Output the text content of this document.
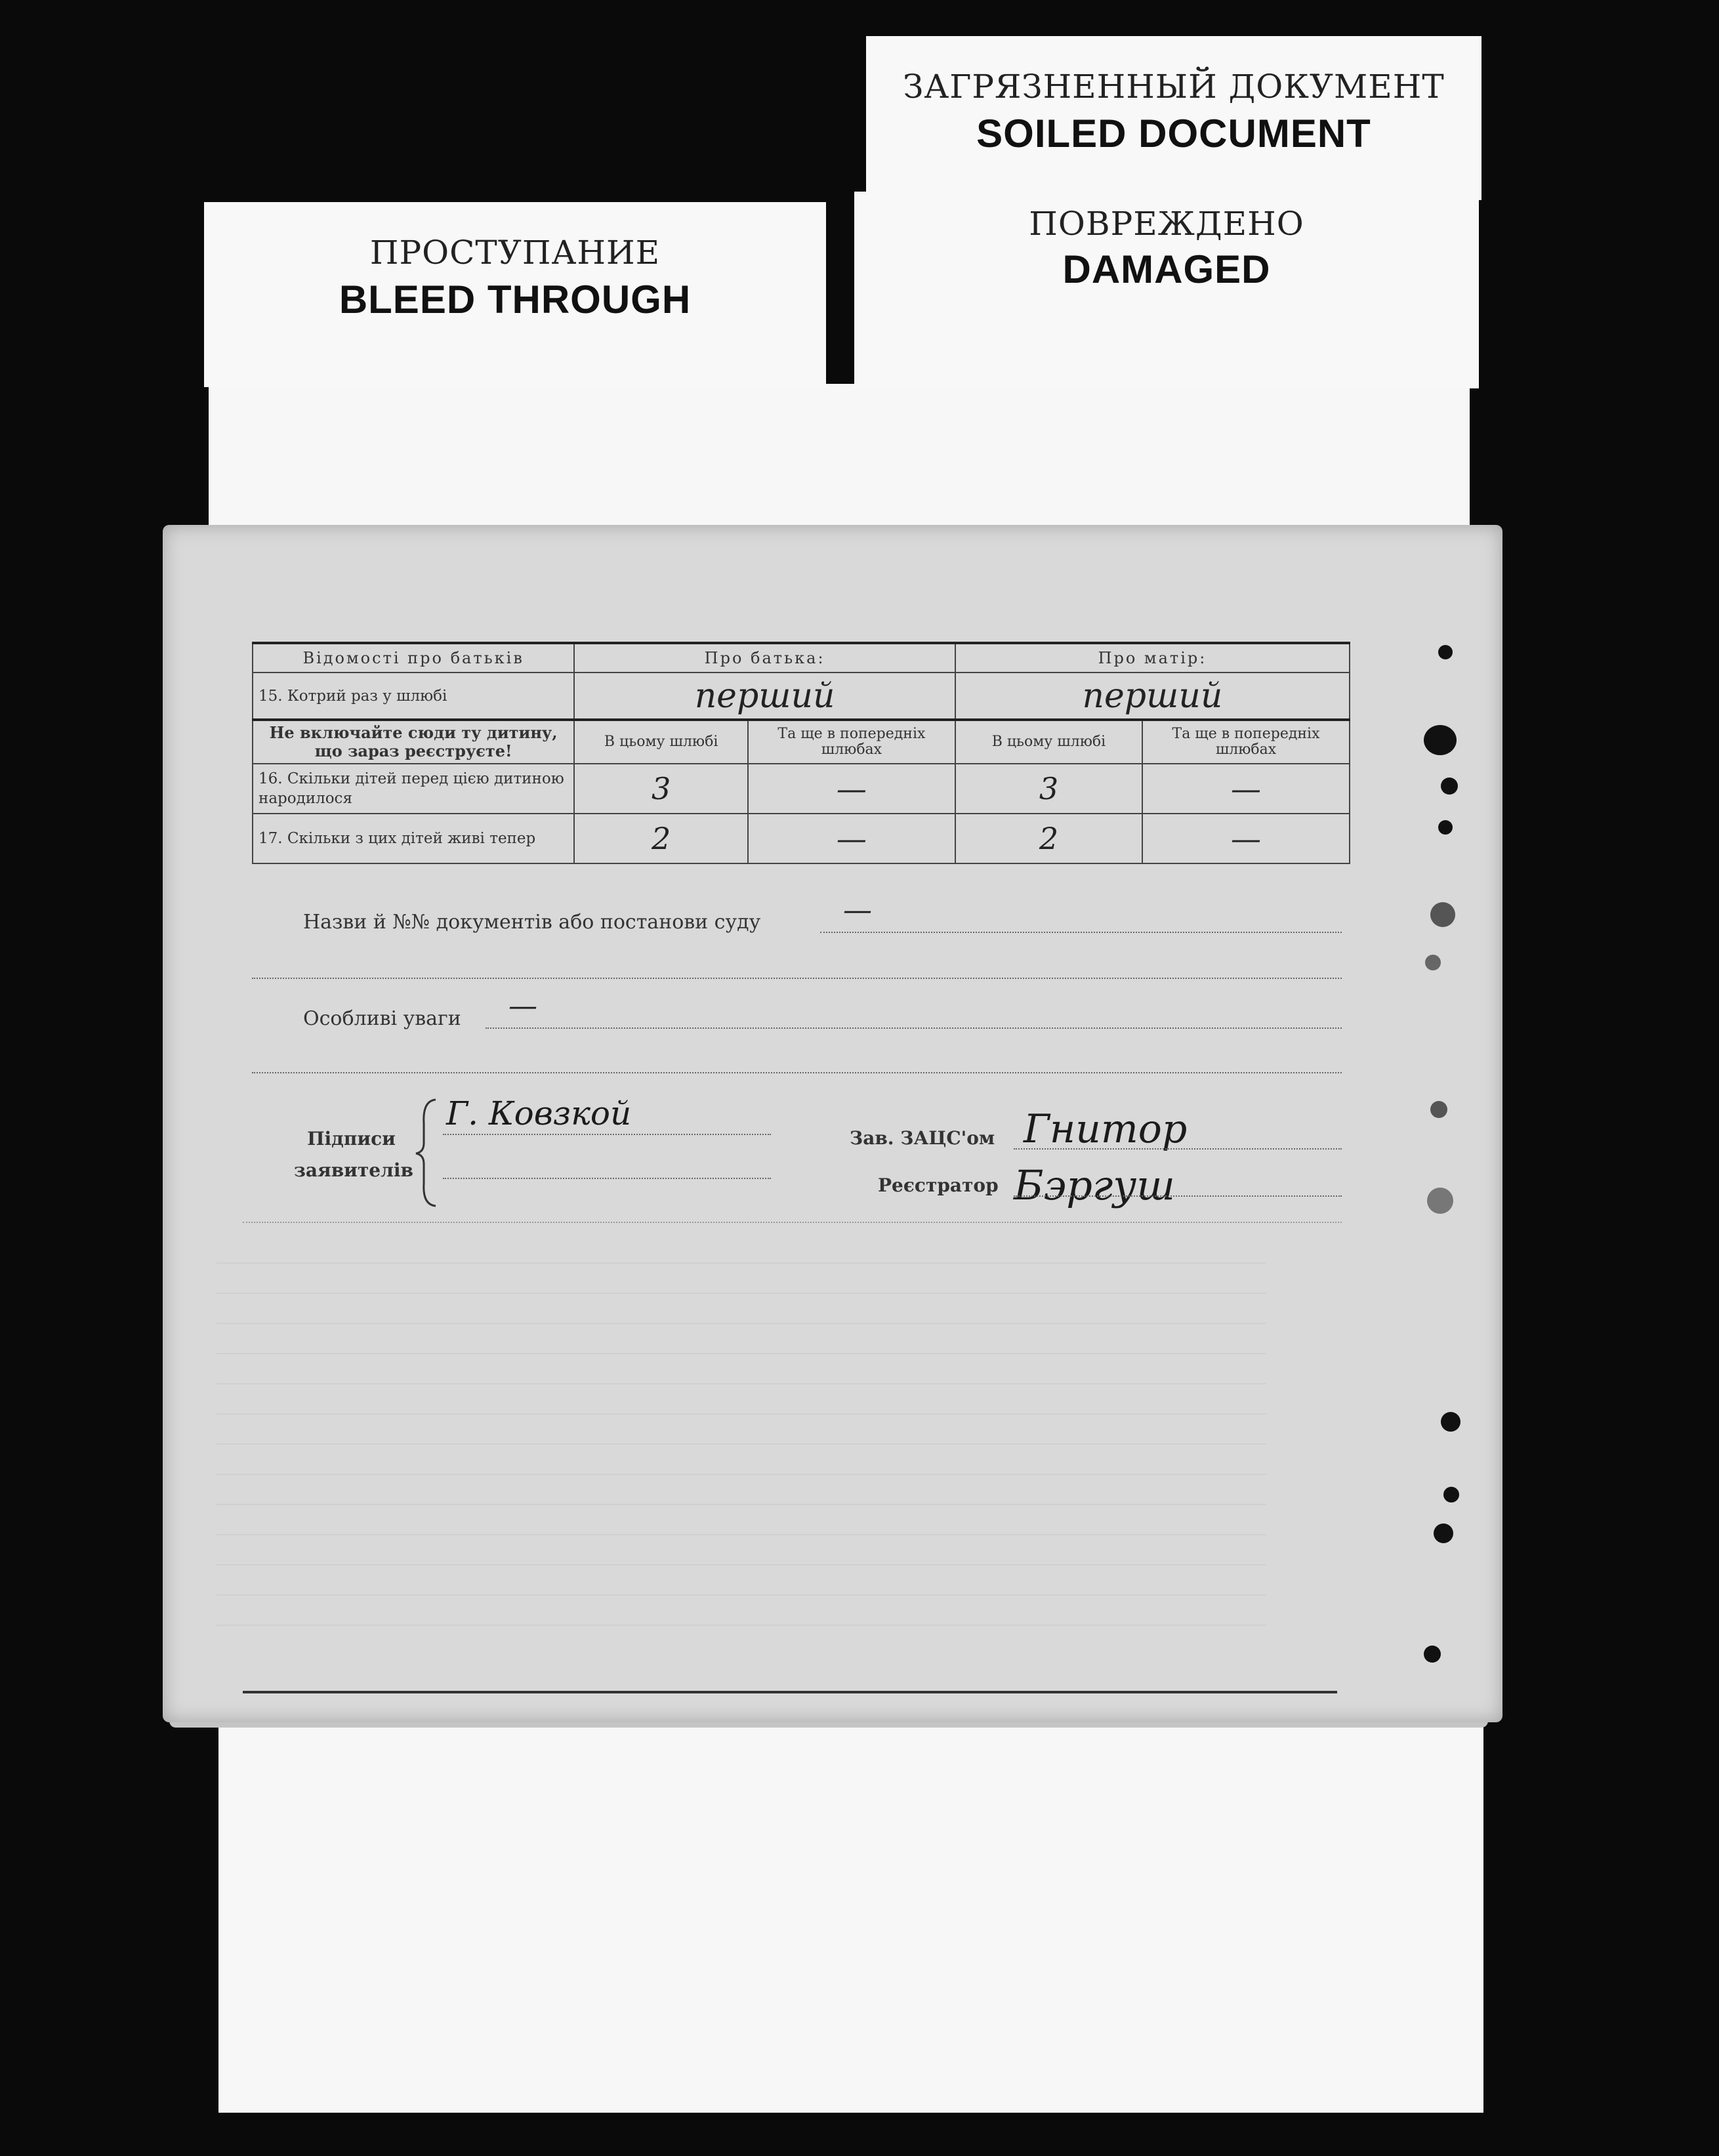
ЗАГРЯЗНЕННЫЙ ДОКУМЕНТ
SOILED DOCUMENT
ПОВРЕЖДЕНО
DAMAGED
ПРОСТУПАНИЕ
BLEED THROUGH
Відомості про батьків	Про батька:		Про матір:	
15. Котрий раз у шлюбі	перший		перший	
Не включайте сюди ту дитину, що зараз реєструєте!	В цьому шлюбі	Та ще в попередніх шлюбах	В цьому шлюбі	Та ще в попередніх шлюбах
16. Скільки дітей перед цією дитиною народилося	3	—	3	—
17. Скільки з цих дітей живі тепер	2	—	2	—
Назви й №№ документів або постанови суду	—
Особливі уваги —
Підписи
заявителів
Г. Ковзкой
Зав. ЗАЦС'ом Гнитор
Реєстратор Бэргуш
